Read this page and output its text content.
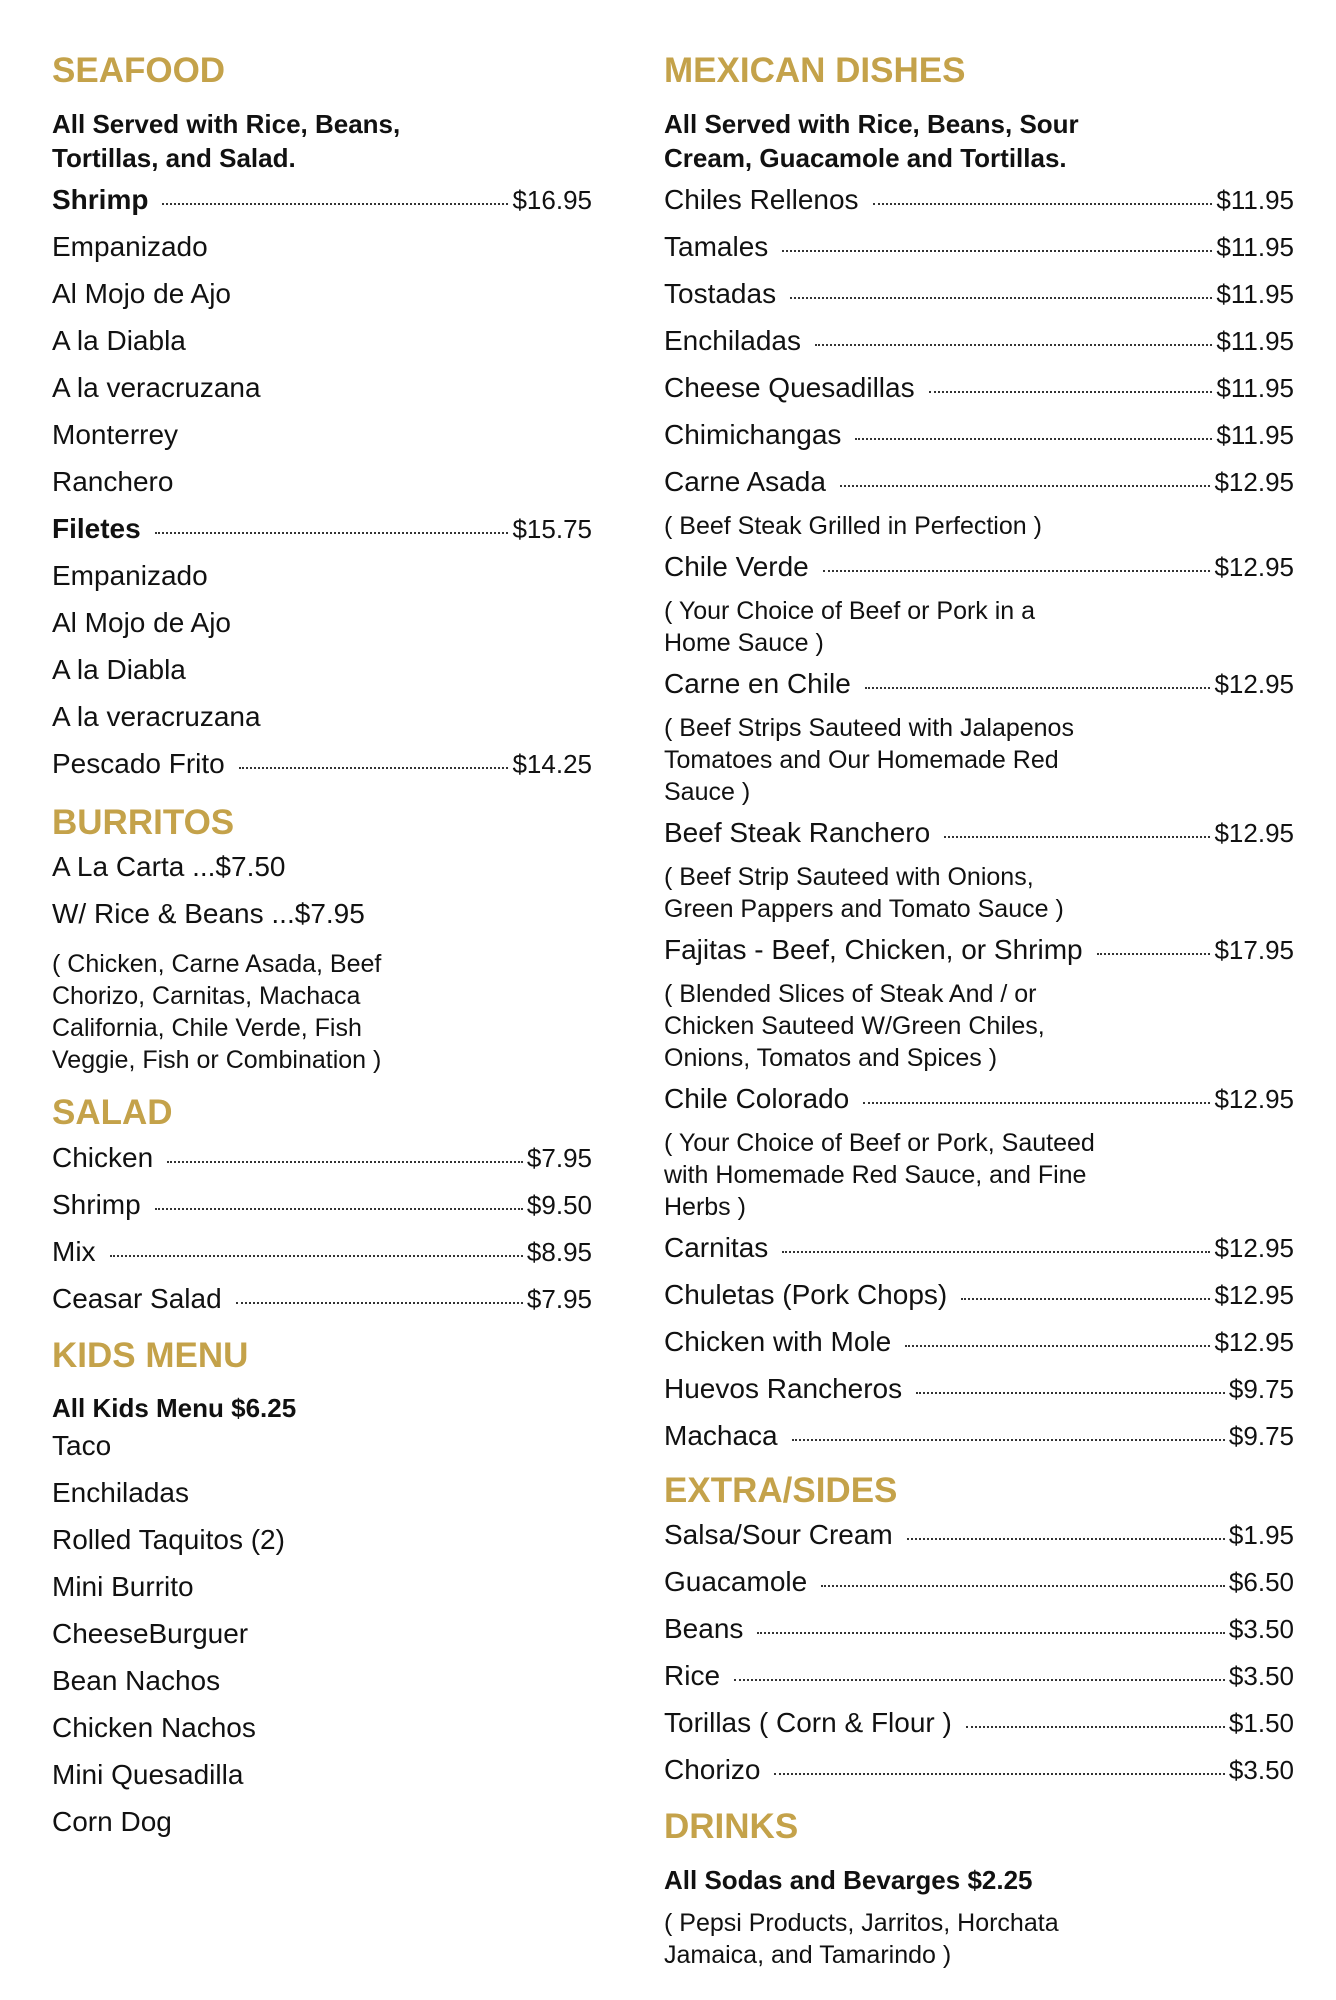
SEAFOOD
All Served with Rice, Beans, Tortillas, and Salad.
Shrimp	$16.95
Empanizado
Al Mojo de Ajo
A la Diabla
A la veracruzana
Monterrey
Ranchero
Filetes	$15.75
Empanizado
Al Mojo de Ajo
A la Diabla
A la veracruzana
Pescado Frito	$14.25
BURRITOS
A La Carta ...$7.50
W/ Rice & Beans ...$7.95
( Chicken, Carne Asada, Beef Chorizo, Carnitas, Machaca California, Chile Verde, Fish Veggie, Fish or Combination )
SALAD
Chicken	$7.95
Shrimp	$9.50
Mix	$8.95
Ceasar Salad	$7.95
KIDS MENU
All Kids Menu $6.25
Taco
Enchiladas
Rolled Taquitos (2)
Mini Burrito
CheeseBurguer
Bean Nachos
Chicken Nachos
Mini Quesadilla
Corn Dog
MEXICAN DISHES
All Served with Rice, Beans, Sour Cream, Guacamole and Tortillas.
Chiles Rellenos	$11.95
Tamales	$11.95
Tostadas	$11.95
Enchiladas	$11.95
Cheese Quesadillas	$11.95
Chimichangas	$11.95
Carne Asada	$12.95
( Beef Steak Grilled in Perfection )
Chile Verde	$12.95
( Your Choice of Beef or Pork in a Home Sauce )
Carne en Chile	$12.95
( Beef Strips Sauteed with Jalapenos Tomatoes and Our Homemade Red Sauce )
Beef Steak Ranchero	$12.95
( Beef Strip Sauteed with Onions, Green Pappers and Tomato Sauce )
Fajitas - Beef, Chicken, or Shrimp	$17.95
( Blended Slices of Steak And / or Chicken Sauteed W/Green Chiles, Onions, Tomatos and Spices )
Chile Colorado	$12.95
( Your Choice of Beef or Pork, Sauteed with Homemade Red Sauce, and Fine Herbs )
Carnitas	$12.95
Chuletas (Pork Chops)	$12.95
Chicken with Mole	$12.95
Huevos Rancheros	$9.75
Machaca	$9.75
EXTRA/SIDES
Salsa/Sour Cream	$1.95
Guacamole	$6.50
Beans	$3.50
Rice	$3.50
Torillas ( Corn & Flour )	$1.50
Chorizo	$3.50
DRINKS
All Sodas and Bevarges $2.25
( Pepsi Products, Jarritos, Horchata Jamaica, and Tamarindo )
